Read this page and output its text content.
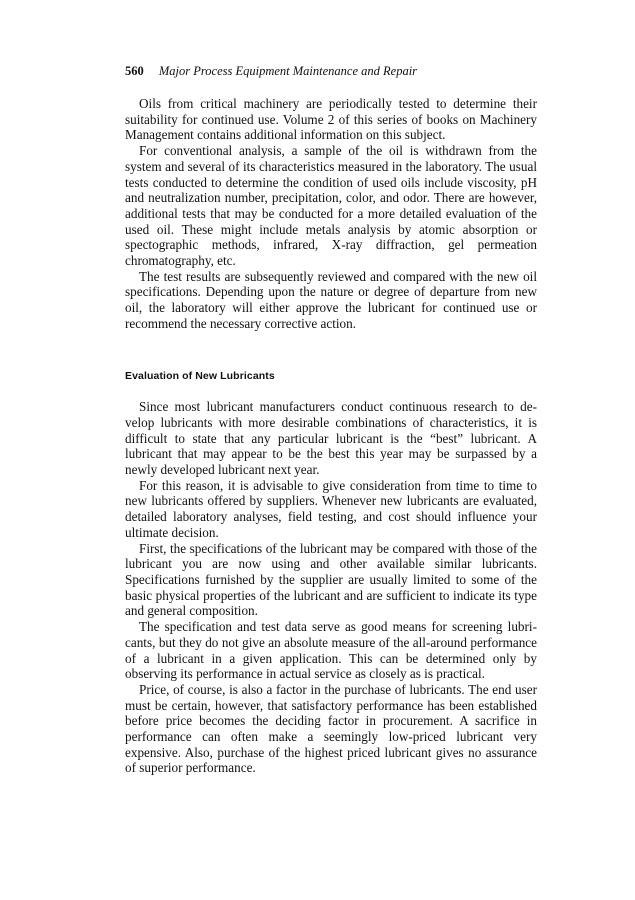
560 Major Process Equipment Maintenance and Repair

Oils from critical machinery are periodically tested to determine their suitability for continued use. Volume 2 of this series of books on Machinery Management contains additional information on this subject.

For conventional analysis, a sample of the oil is withdrawn from the system and several of its characteristics measured in the laboratory. The usual tests conducted to determine the condition of used oils include viscosity, pH and neutralization number, precipitation, color, and odor. There are however, additional tests that may be conducted for a more detailed evaluation of the used oil. These might include metals analysis by atomic absorption or spectographic methods, infrared, X-ray diffraction, gel permeation chromatography, etc.

The test results are subsequently reviewed and compared with the new oil specifications. Depending upon the nature or degree of departure from new oil, the laboratory will either approve the lubricant for continued use or recommend the necessary corrective action.

Evaluation of New Lubricants

Since most lubricant manufacturers conduct continuous research to develop lubricants with more desirable combinations of characteristics, it is difficult to state that any particular lubricant is the “best” lubricant. A lubricant that may appear to be the best this year may be surpassed by a newly developed lubricant next year.

For this reason, it is advisable to give consideration from time to time to new lubricants offered by suppliers. Whenever new lubricants are evaluated, detailed laboratory analyses, field testing, and cost should influence your ultimate decision.

First, the specifications of the lubricant may be compared with those of the lubricant you are now using and other available similar lubricants. Specifications furnished by the supplier are usually limited to some of the basic physical properties of the lubricant and are sufficient to indicate its type and general composition.

The specification and test data serve as good means for screening lubricants, but they do not give an absolute measure of the all-around performance of a lubricant in a given application. This can be determined only by observing its performance in actual service as closely as is practical.

Price, of course, is also a factor in the purchase of lubricants. The end user must be certain, however, that satisfactory performance has been established before price becomes the deciding factor in procurement. A sacrifice in performance can often make a seemingly low-priced lubricant very expensive. Also, purchase of the highest priced lubricant gives no assurance of superior performance.
